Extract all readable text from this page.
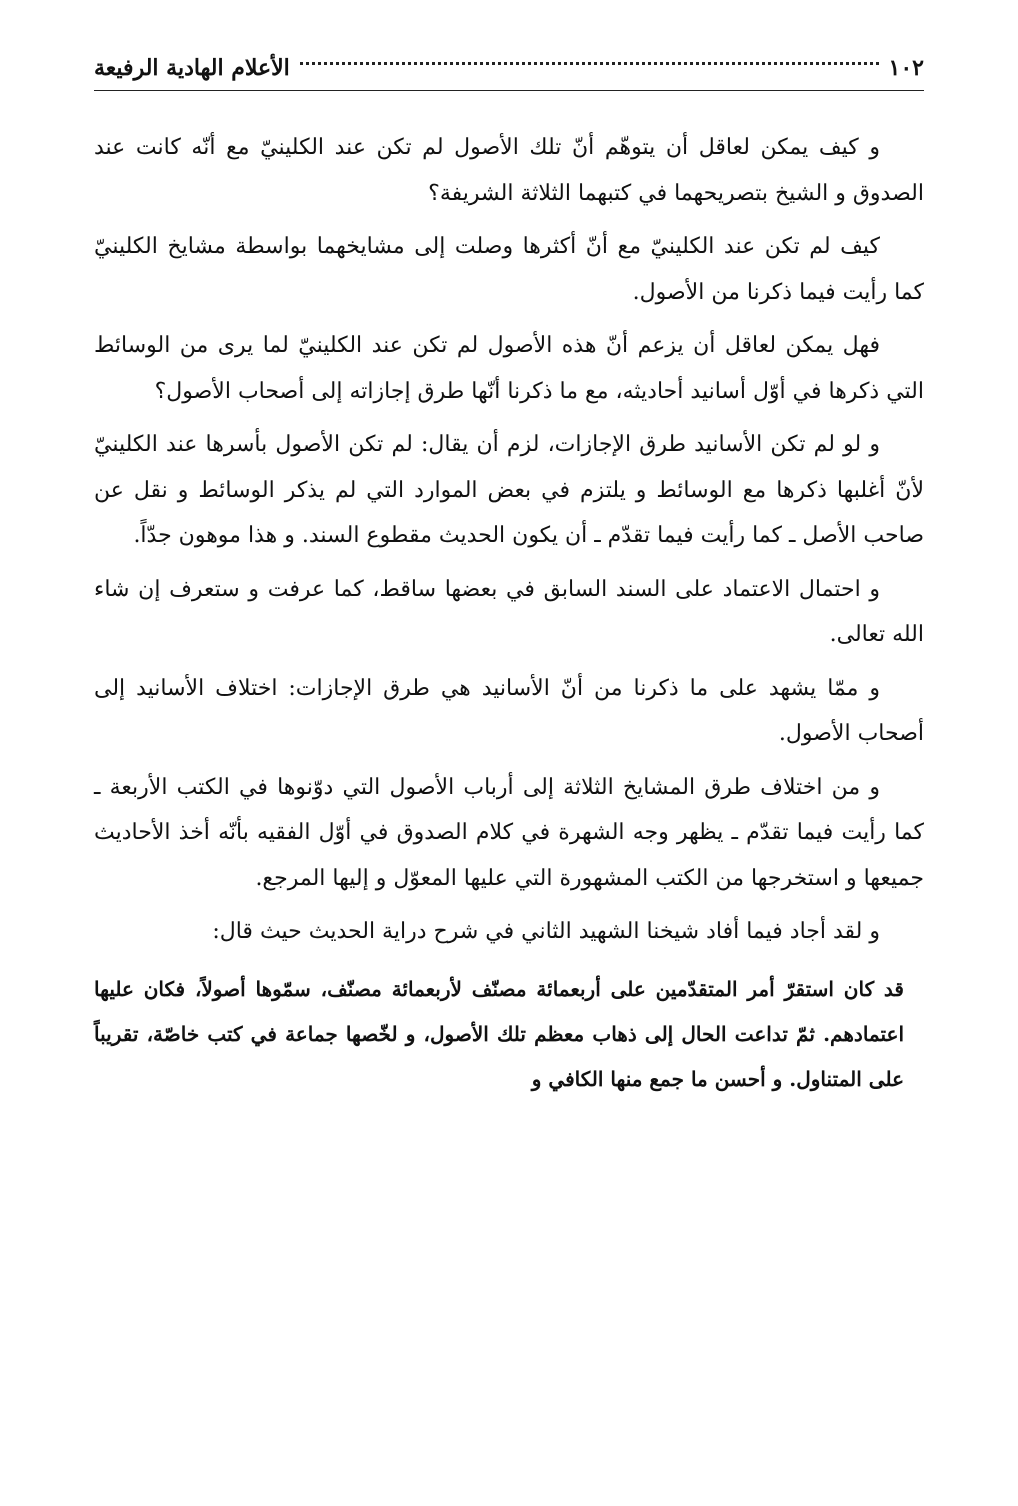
١٠٢
الأعلام الهادية الرفيعة

و كيف يمكن لعاقل أن يتوهّم أنّ تلك الأصول لم تكن عند الكلينيّ مع أنّه كانت عند الصدوق و الشيخ بتصريحهما في كتبهما الثلاثة الشريفة؟

كيف لم تكن عند الكلينيّ مع أنّ أكثرها وصلت إلى مشايخهما بواسطة مشايخ الكلينيّ كما رأيت فيما ذكرنا من الأصول.

فهل يمكن لعاقل أن يزعم أنّ هذه الأصول لم تكن عند الكلينيّ لما يرى من الوسائط التي ذكرها في أوّل أسانيد أحاديثه، مع ما ذكرنا أنّها طرق إجازاته إلى أصحاب الأصول؟

و لو لم تكن الأسانيد طرق الإجازات، لزم أن يقال: لم تكن الأصول بأسرها عند الكلينيّ لأنّ أغلبها ذكرها مع الوسائط و يلتزم في بعض الموارد التي لم يذكر الوسائط و نقل عن صاحب الأصل ـ كما رأيت فيما تقدّم ـ أن يكون الحديث مقطوع السند. و هذا موهون جدّاً.

و احتمال الاعتماد على السند السابق في بعضها ساقط، كما عرفت و ستعرف إن شاء الله تعالى.

و ممّا يشهد على ما ذكرنا من أنّ الأسانيد هي طرق الإجازات: اختلاف الأسانيد إلى أصحاب الأصول.

و من اختلاف طرق المشايخ الثلاثة إلى أرباب الأصول التي دوّنوها في الكتب الأربعة ـ كما رأيت فيما تقدّم ـ يظهر وجه الشهرة في كلام الصدوق في أوّل الفقيه بأنّه أخذ الأحاديث جميعها و استخرجها من الكتب المشهورة التي عليها المعوّل و إليها المرجع.

و لقد أجاد فيما أفاد شيخنا الشهيد الثاني في شرح دراية الحديث حيث قال:

قد كان استقرّ أمر المتقدّمين على أربعمائة مصنّف لأربعمائة مصنّف، سمّوها أصولاً، فكان عليها اعتمادهم. ثمّ تداعت الحال إلى ذهاب معظم تلك الأصول، و لخّصها جماعة في كتب خاصّة، تقريباً على المتناول. و أحسن ما جمع منها الكافي و
